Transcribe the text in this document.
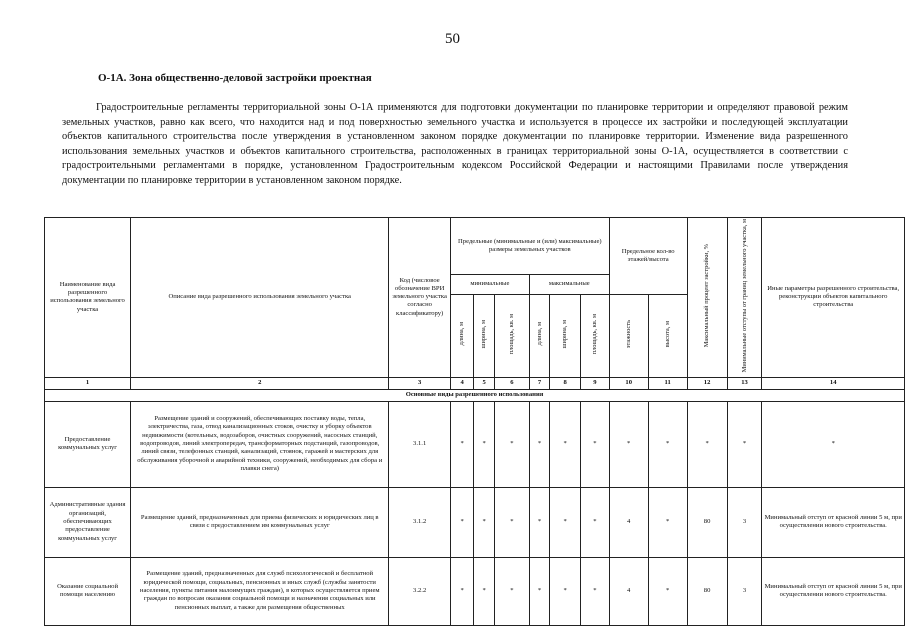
50
О-1А. Зона общественно-деловой застройки проектная

Градостроительные регламенты территориальной зоны О-1А применяются для подготовки документации по планировке территории и определяют правовой режим земельных участков, равно как всего, что находится над и под поверхностью земельного участка и используется в процессе их застройки и последующей эксплуатации объектов капитального строительства после утверждения в установленном законом порядке документации по планировке территории. Изменение вида разрешенного использования земельных участков и объектов капитального строительства, расположенных в границах территориальной зоны О-1А, осуществляется в соответствии с градостроительными регламентами в порядке, установленном Градостроительным кодексом Российской Федерации и настоящими Правилами после утверждения документации по планировке территории в установленном законом порядке.

Наименование вида разрешенного использования земельного участка	Описание вида разрешенного использования земельного участка	Код (числовое обозначение ВРИ земельного участка согласно классификатору)	Предельные (минимальные и (или) максимальные) размеры земельных участков						Предельное кол-во этажей/высота		Максимальный процент застройки, %	Минимальные отступы от границ земельного участка, м	Иные параметры разрешенного строительства, реконструкции объектов капитального строительства
			минимальные			максимальные							
			длина, м	ширина, м	площадь, кв. м	длина, м	ширина, м	площадь, кв. м	этажность	высота, м			
1	2	3	4	5	6	7	8	9	10	11	12	13	14
Основные виды разрешенного использования													
Предоставление коммунальных услуг	Размещение зданий и сооружений, обеспечивающих поставку воды, тепла, электричества, газа, отвод канализационных стоков, очистку и уборку объектов недвижимости (котельных, водозаборов, очистных сооружений, насосных станций, водопроводов, линий электропередач, трансформаторных подстанций, газопроводов, линий связи, телефонных станций, канализаций, стоянок, гаражей и мастерских для обслуживания уборочной и аварийной техники, сооружений, необходимых для сбора и плавки снега)	3.1.1	*	*	*	*	*	*	*	*	*	*	*
Административные здания организаций, обеспечивающих предоставление коммунальных услуг	Размещение зданий, предназначенных для приема физических и юридических лиц в связи с предоставлением им коммунальных услуг	3.1.2	*	*	*	*	*	*	4	*	80	3	Минимальный отступ от красной линии 5 м, при осуществлении нового строительства.
Оказание социальной помощи населению	Размещение зданий, предназначенных для служб психологической и бесплатной юридической помощи, социальных, пенсионных и иных служб (службы занятости населения, пункты питания малоимущих граждан), в которых осуществляется прием граждан по вопросам оказания социальной помощи и назначения социальных или пенсионных выплат, а также для размещения общественных	3.2.2	*	*	*	*	*	*	4	*	80	3	Минимальный отступ от красной линии 5 м, при осуществлении нового строительства.
